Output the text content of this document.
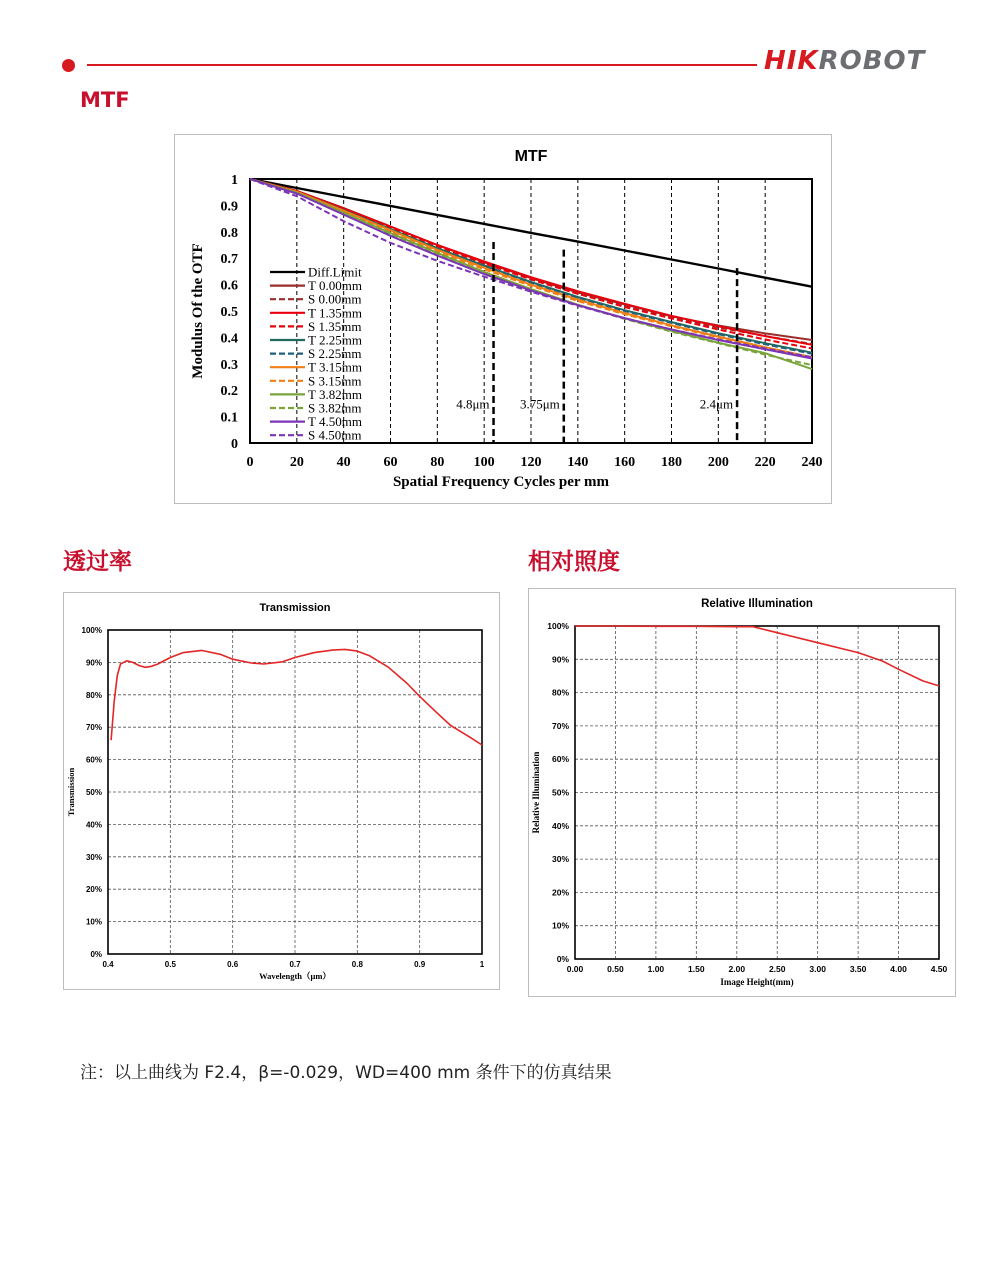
HIKROBOT
MTF
透过率	相对照度
MTF
0	20 40 60 80 100 120 140 160 180 200 220 240
0
0.1
0.2
0.3
0.4
0.5
0.6
0.7
0.8
0.9
1
Spatial Frequency Cycles per mm
Modulus Of the OTF
4.8μm 3.75μm	2.4μm
Diff.Limit
T 0.00mm
S 0.00mm
T 1.35mm
S 1.35mm
T 2.25mm
S 2.25mm
T 3.15mm
S 3.15mm
T 3.82mm
S 3.82mm
T 4.50mm
S 4.50mm
Transmission
0%
10%
20%
30%
40%
50%
60%
70%
80%
90%
100%
0.4	0.5	0.6	0.7	0.8	0.9	1
Wavelength（μm）
Transmission
Relative Illumination
0%
10%
20%
30%
40%
50%
60%
70%
80%
90%
100%
0.00	0.50	1.00	1.50	2.00	2.50	3.00	3.50	4.00	4.50
Image Height(mm)
Relative Illumination
注：以上曲线为 F2.4，β=-0.029，WD=400 mm 条件下的仿真结果
